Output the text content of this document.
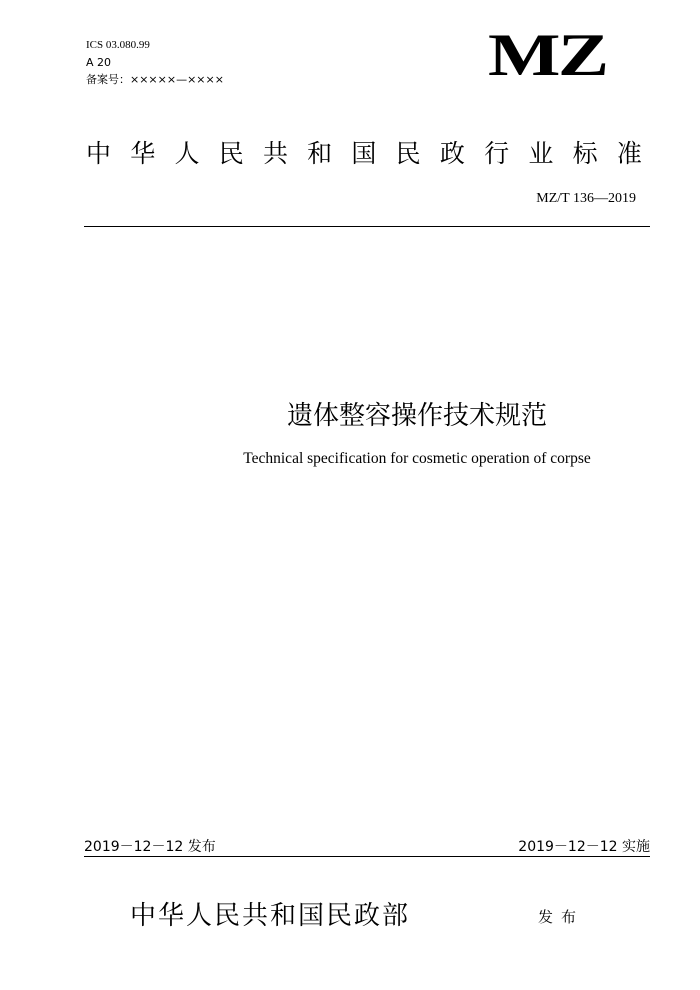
ICS 03.080.99
A 20
备案号：×××××—××××	MZ
中 华 人 民 共 和 国 民 政 行 业 标 准
MZ/T 136—2019
遗体整容操作技术规范
Technical specification for cosmetic operation of corpse
2019－12－12 发布	2019－12－12 实施
中华人民共和国民政部	发布
